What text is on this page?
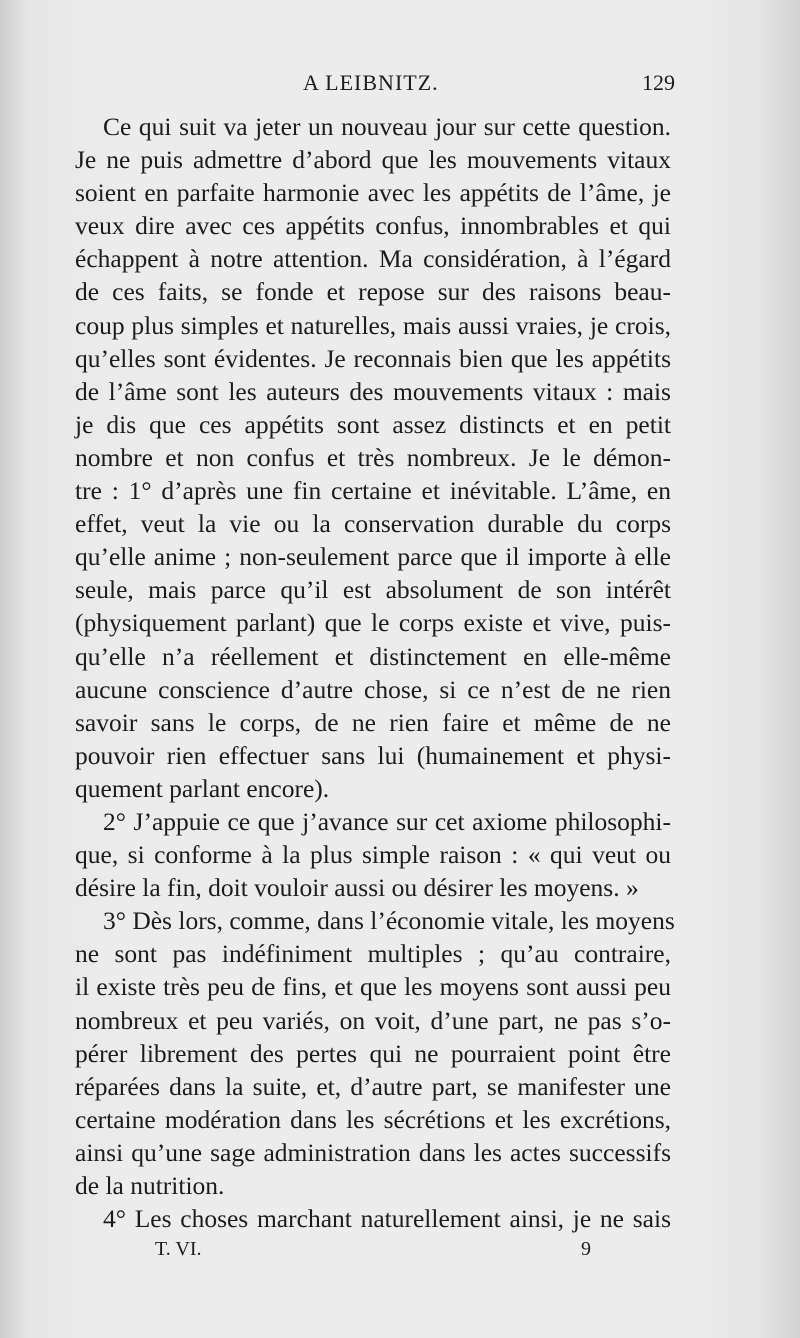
A LEIBNITZ.	129
Ce qui suit va jeter un nouveau jour sur cette question.
Je ne puis admettre d’abord que les mouvements vitaux
soient en parfaite harmonie avec les appétits de l’âme, je
veux dire avec ces appétits confus, innombrables et qui
échappent à notre attention. Ma considération, à l’égard
de ces faits, se fonde et repose sur des raisons beau-
coup plus simples et naturelles, mais aussi vraies, je crois,
qu’elles sont évidentes. Je reconnais bien que les appétits
de l’âme sont les auteurs des mouvements vitaux : mais
je dis que ces appétits sont assez distincts et en petit
nombre et non confus et très nombreux. Je le démon-
tre : 1° d’après une fin certaine et inévitable. L’âme, en
effet, veut la vie ou la conservation durable du corps
qu’elle anime ; non-seulement parce que il importe à elle
seule, mais parce qu’il est absolument de son intérêt
(physiquement parlant) que le corps existe et vive, puis-
qu’elle n’a réellement et distinctement en elle-même
aucune conscience d’autre chose, si ce n’est de ne rien
savoir sans le corps, de ne rien faire et même de ne
pouvoir rien effectuer sans lui (humainement et physi-
quement parlant encore).
2° J’appuie ce que j’avance sur cet axiome philosophi-
que, si conforme à la plus simple raison : « qui veut ou
désire la fin, doit vouloir aussi ou désirer les moyens. »
3° Dès lors, comme, dans l’économie vitale, les moyens
ne sont pas indéfiniment multiples ; qu’au contraire,
il existe très peu de fins, et que les moyens sont aussi peu
nombreux et peu variés, on voit, d’une part, ne pas s’o-
pérer librement des pertes qui ne pourraient point être
réparées dans la suite, et, d’autre part, se manifester une
certaine modération dans les sécrétions et les excrétions,
ainsi qu’une sage administration dans les actes successifs
de la nutrition.
4° Les choses marchant naturellement ainsi, je ne sais
T. VI.	9
